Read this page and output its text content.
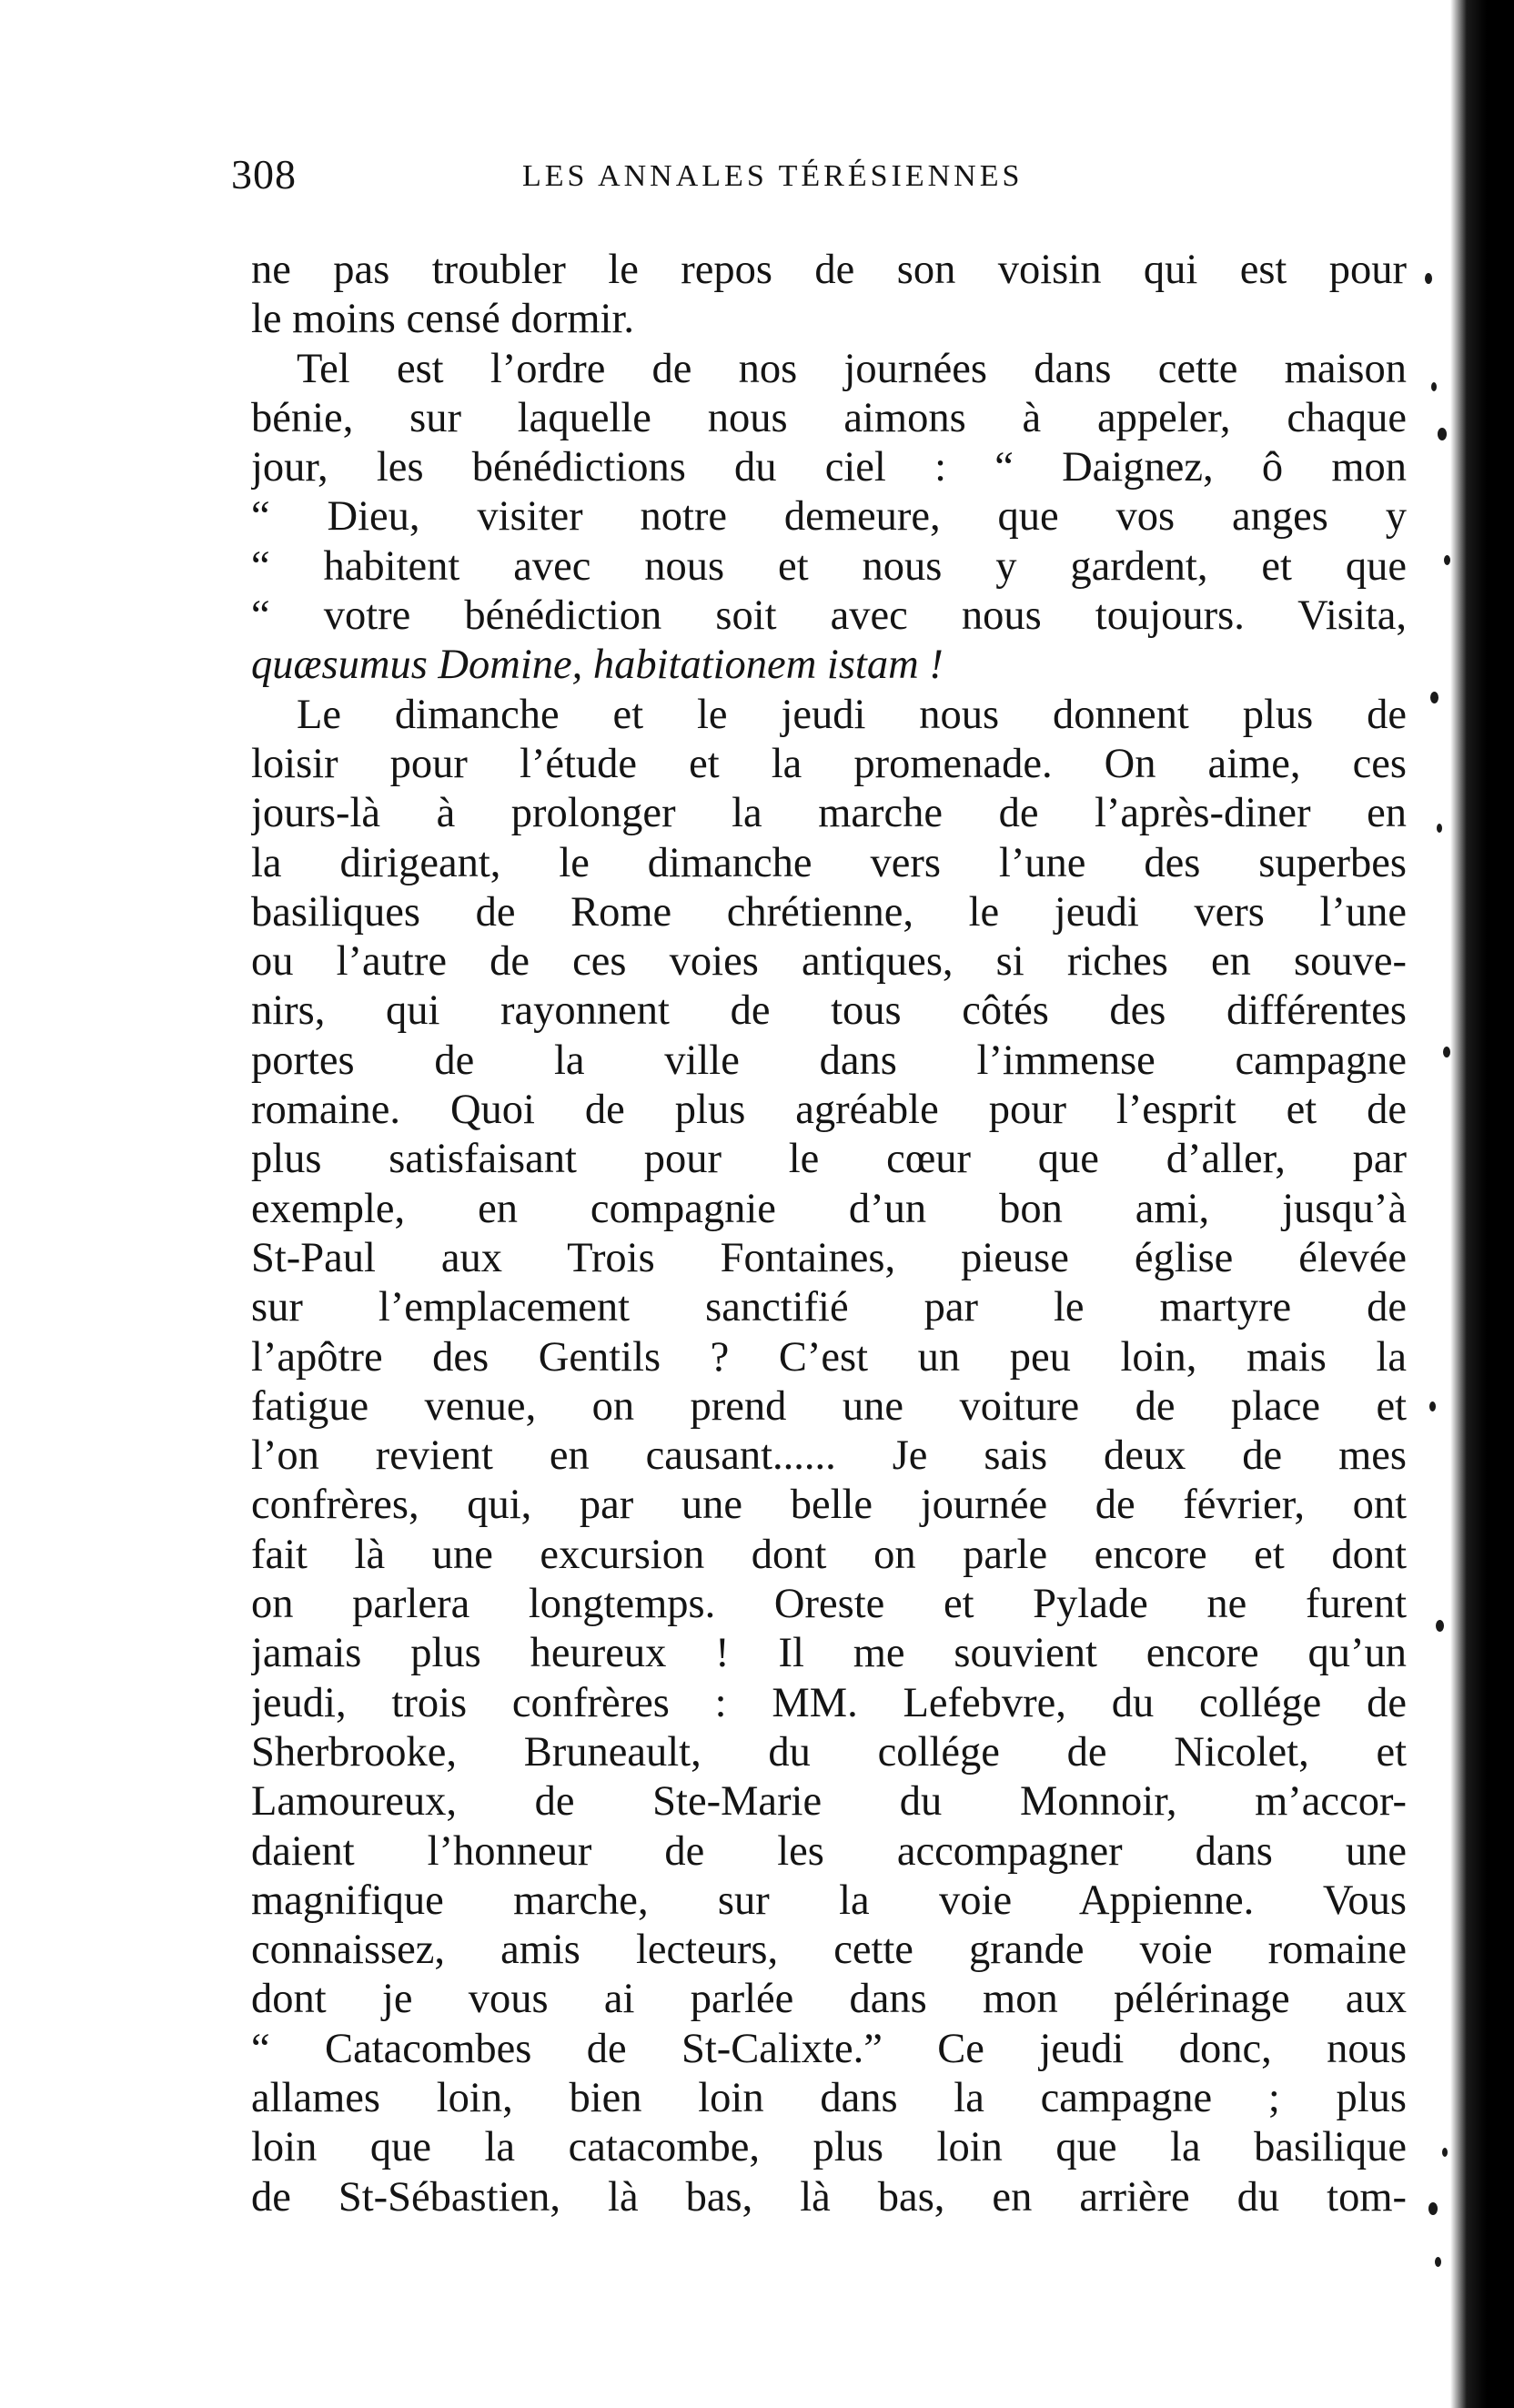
308	LES ANNALES TÉRÉSIENNES
ne pas troubler le repos de son voisin qui est pour
le moins censé dormir.
Tel est l’ordre de nos journées dans cette maison
bénie, sur laquelle nous aimons à appeler, chaque
jour, les bénédictions du ciel : “ Daignez, ô mon
“ Dieu, visiter notre demeure, que vos anges y
“ habitent avec nous et nous y gardent, et que
“ votre bénédiction soit avec nous toujours. Visita,
quæsumus Domine, habitationem istam !
Le dimanche et le jeudi nous donnent plus de
loisir pour l’étude et la promenade. On aime, ces
jours-là à prolonger la marche de l’après-diner en
la dirigeant, le dimanche vers l’une des superbes
basiliques de Rome chrétienne, le jeudi vers l’une
ou l’autre de ces voies antiques, si riches en souve-
nirs, qui rayonnent de tous côtés des différentes
portes de la ville dans l’immense campagne
romaine. Quoi de plus agréable pour l’esprit et de
plus satisfaisant pour le cœur que d’aller, par
exemple, en compagnie d’un bon ami, jusqu’à
St-Paul aux Trois Fontaines, pieuse église élevée
sur l’emplacement sanctifié par le martyre de
l’apôtre des Gentils ? C’est un peu loin, mais la
fatigue venue, on prend une voiture de place et
l’on revient en causant...... Je sais deux de mes
confrères, qui, par une belle journée de février, ont
fait là une excursion dont on parle encore et dont
on parlera longtemps. Oreste et Pylade ne furent
jamais plus heureux ! Il me souvient encore qu’un
jeudi, trois confrères : MM. Lefebvre, du collége de
Sherbrooke, Bruneault, du collége de Nicolet, et
Lamoureux, de Ste-Marie du Monnoir, m’accor-
daient l’honneur de les accompagner dans une
magnifique marche, sur la voie Appienne. Vous
connaissez, amis lecteurs, cette grande voie romaine
dont je vous ai parlée dans mon pélérinage aux
“ Catacombes de St-Calixte.” Ce jeudi donc, nous
allames loin, bien loin dans la campagne ; plus
loin que la catacombe, plus loin que la basilique
de St-Sébastien, là bas, là bas, en arrière du tom-
